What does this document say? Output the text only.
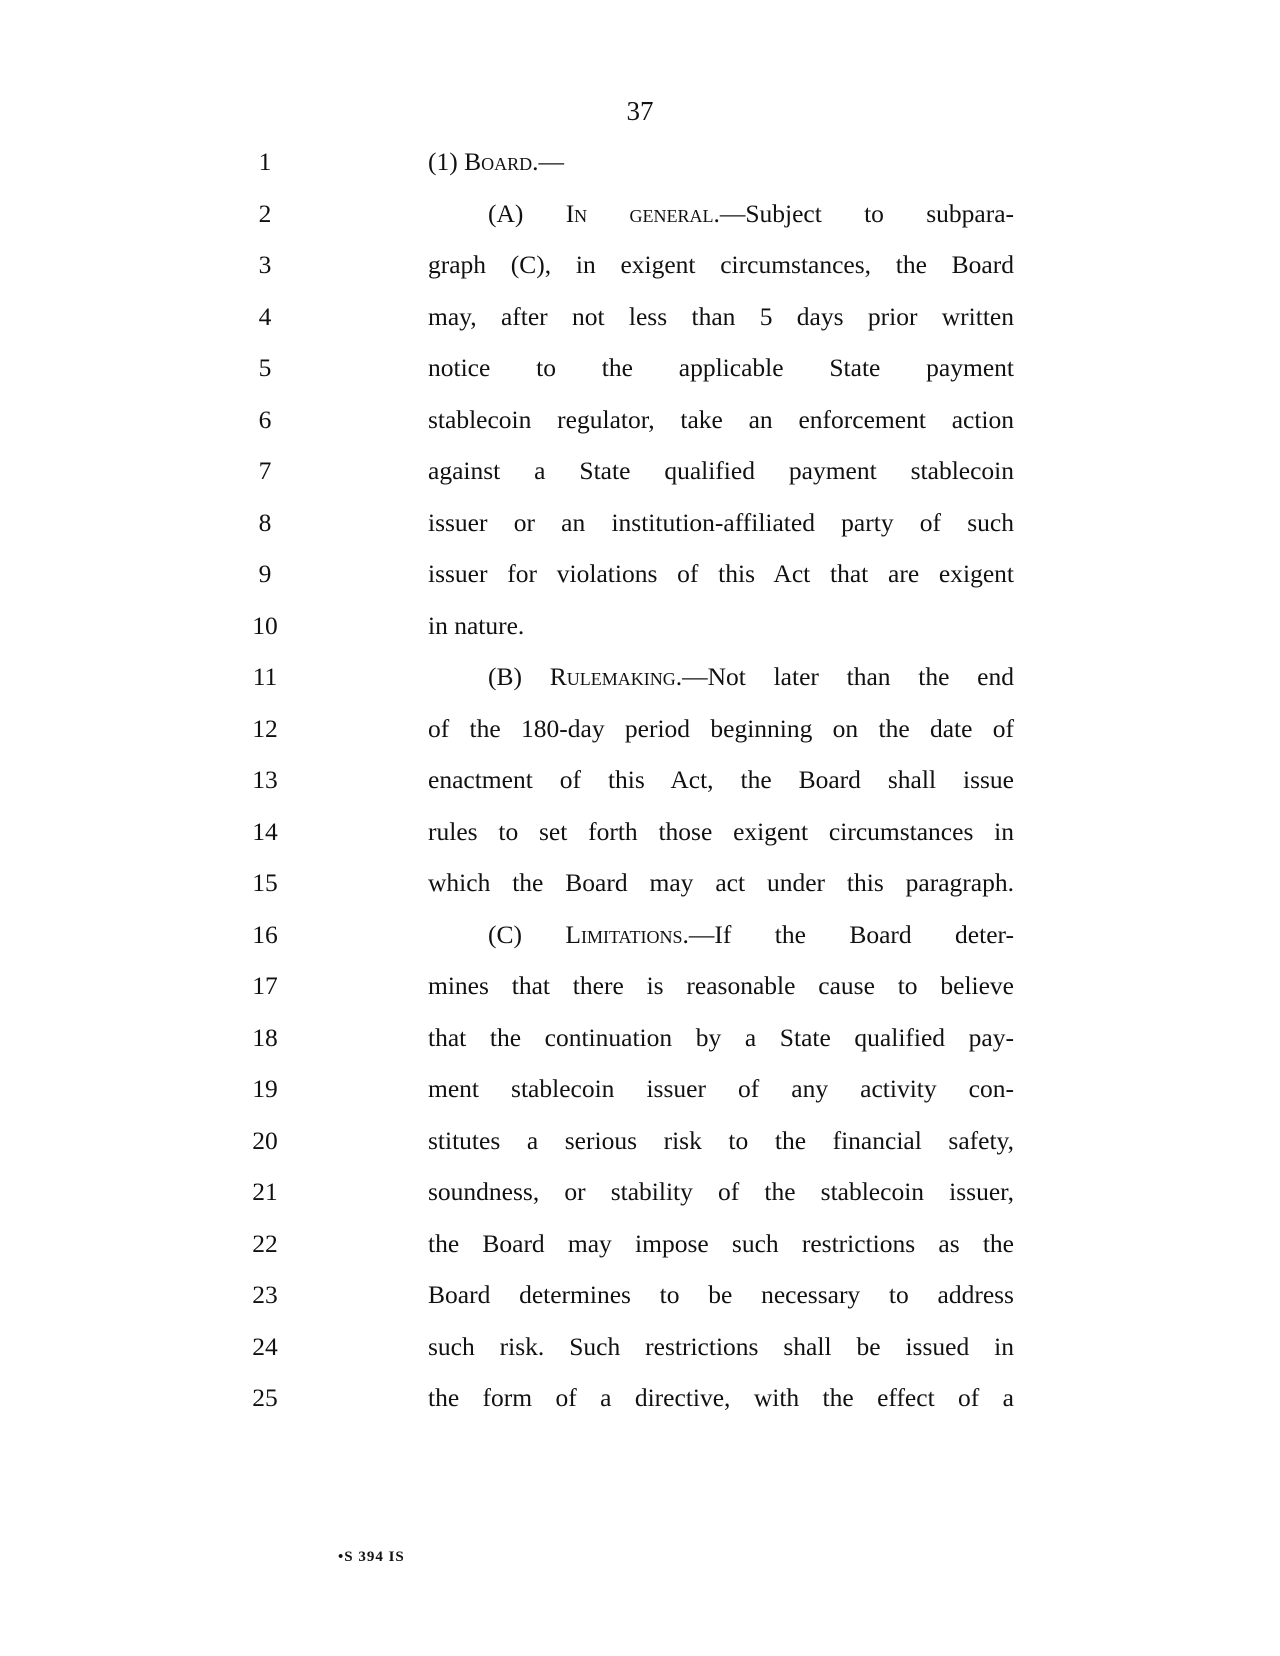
37
1	(1) Board.—
2	(A) In general.—Subject to subpara-
3	graph (C), in exigent circumstances, the Board
4	may, after not less than 5 days prior written
5	notice to the applicable State payment
6	stablecoin regulator, take an enforcement action
7	against a State qualified payment stablecoin
8	issuer or an institution-affiliated party of such
9	issuer for violations of this Act that are exigent
10	in nature.
11	(B) Rulemaking.—Not later than the end
12	of the 180-day period beginning on the date of
13	enactment of this Act, the Board shall issue
14	rules to set forth those exigent circumstances in
15	which the Board may act under this paragraph.
16	(C) Limitations.—If the Board deter-
17	mines that there is reasonable cause to believe
18	that the continuation by a State qualified pay-
19	ment stablecoin issuer of any activity con-
20	stitutes a serious risk to the financial safety,
21	soundness, or stability of the stablecoin issuer,
22	the Board may impose such restrictions as the
23	Board determines to be necessary to address
24	such risk. Such restrictions shall be issued in
25	the form of a directive, with the effect of a
•S 394 IS
